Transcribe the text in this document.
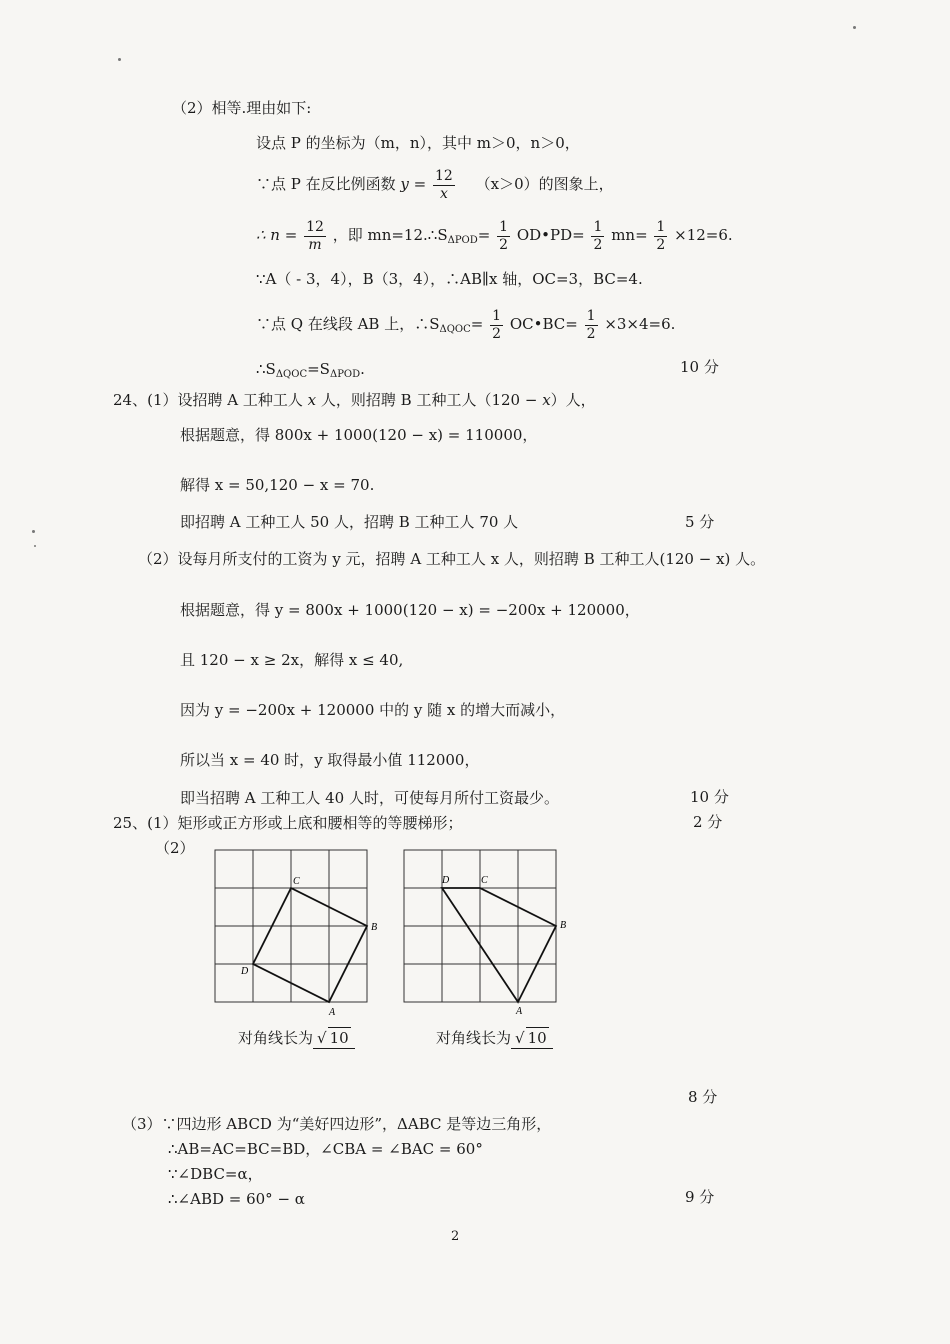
（2）相等.理由如下:
设点 P 的坐标为（m，n），其中 m＞0，n＞0，
∵点 P 在反比例函数 $y = \frac{12}{x} (x>0)$的图象上，
∴ $n = \frac{12}{m}$ ，即 $mn=12.\therefore S_{\Delta POD}= \frac{1}{2}$ OD•PD= $\frac{1}{2} mn= \frac{1}{2} \times 12=6$.
∵A（ - 3，4），B（3，4），∴AB∥x 轴，OC=3，BC=4.
∵点 Q 在线段 AB 上，$\therefore S_{\Delta QOC}= \frac{1}{2}$ OC•BC= $\frac{1}{2} \times 3\times 4=6$.
$\therefore S_{\Delta QOC}=S_{\Delta POD}$.	10 分
24、(1）设招聘 A 工种工人 x 人，则招聘 B 工种工人（120 − x）人，
根据题意，得 800x + 1000(120 − x) = 110000，
解得 x = 50,120 − x = 70.
即招聘 A 工种工人 50 人，招聘 B 工种工人 70 人	5 分
（2）设每月所支付的工资为 y 元，招聘 A 工种工人 x 人，则招聘 B 工种工人(120 − x) 人。
根据题意，得 y = 800x + 1000(120 − x) = −200x + 120000，
且 120 − x ≥ 2x，解得 x ≤ 40,
因为 y = −200x + 120000 中的 y 随 x 的增大而减小，
所以当 x = 40 时，y 取得最小值 112000，
即当招聘 A 工种工人 40 人时，可使每月所付工资最少。	10 分
25、(1）矩形或正方形或上底和腰相等的等腰梯形；	2 分
（2）
C
B
D
A
D	C
B
A
对角线长为 √ 10	对角线长为 √ 10
8 分
（3）∵四边形 ABCD 为“美好四边形”，ΔABC 是等边三角形，
∴AB=AC=BC=BD，∠CBA = ∠BAC = 60°
∵∠DBC=α，
∴∠ABD = 60° − α	9 分
2
